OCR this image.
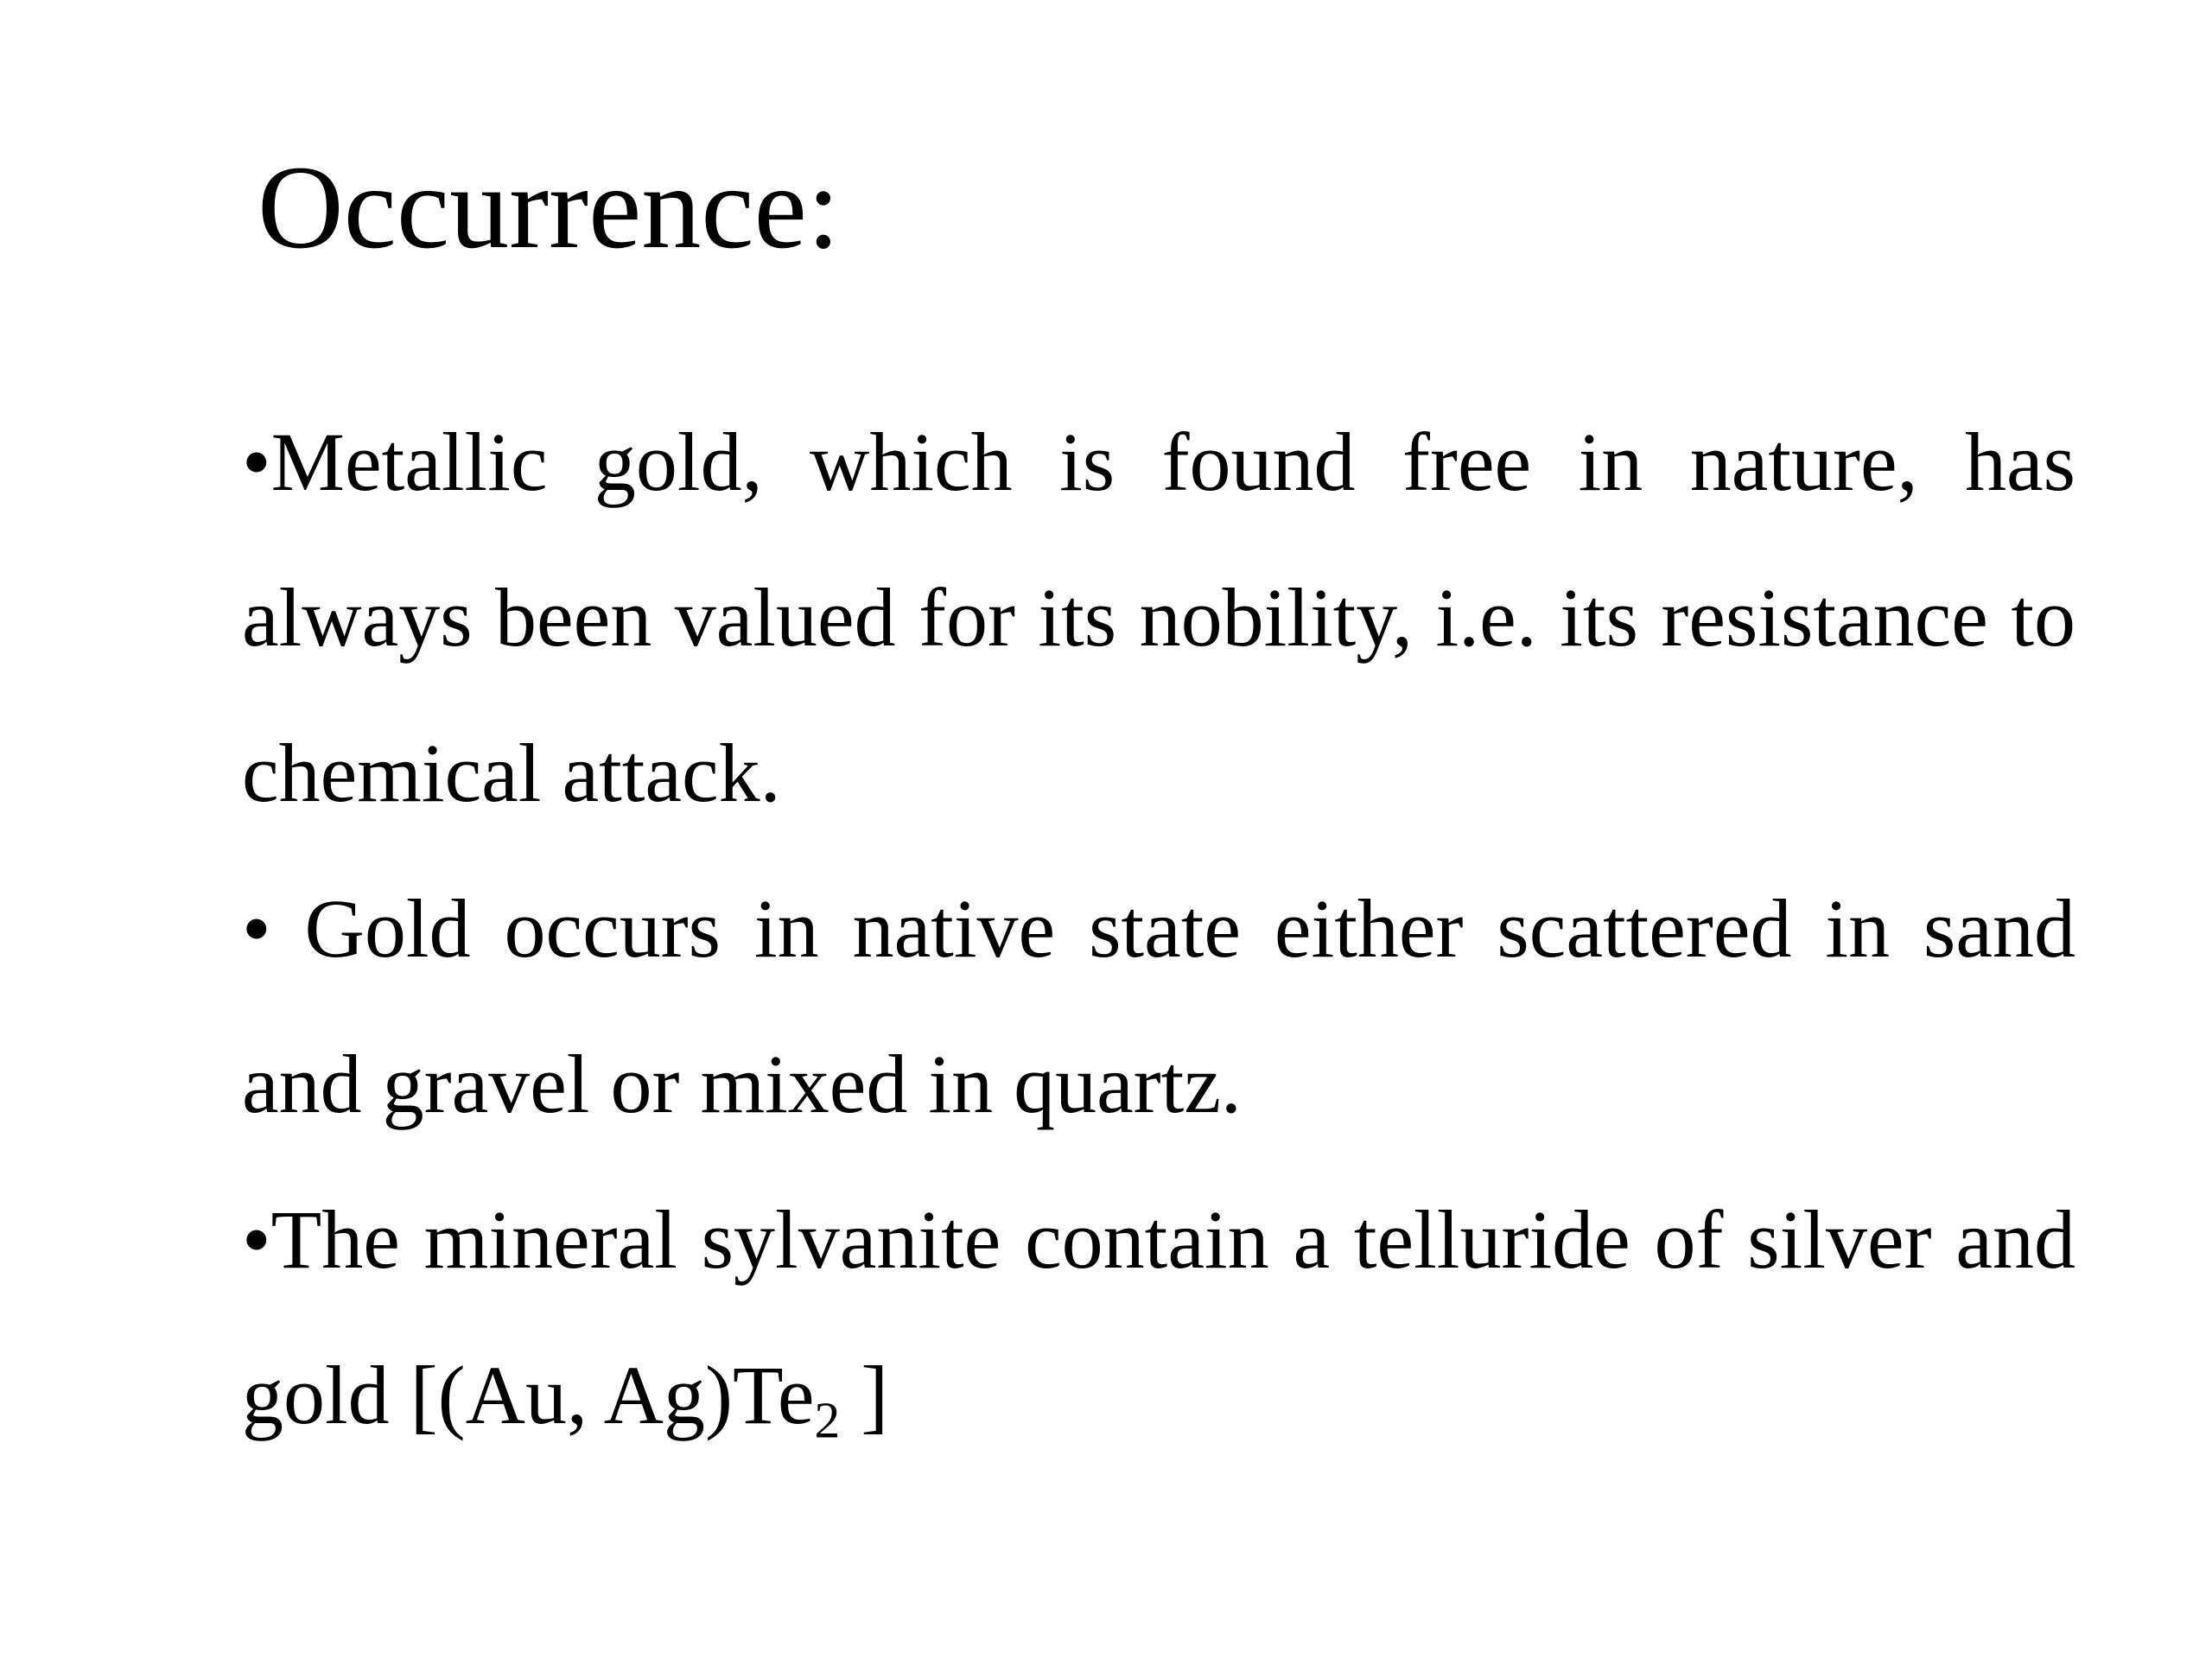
Occurrence:

•Metallic gold, which is found free in nature, has always been valued for its nobility, i.e. its resistance to chemical attack.

• Gold occurs in native state either scattered in sand and gravel or mixed in quartz.

•The mineral sylvanite contain a telluride of silver and gold [(Au, $Ag)Te_2$ ]
